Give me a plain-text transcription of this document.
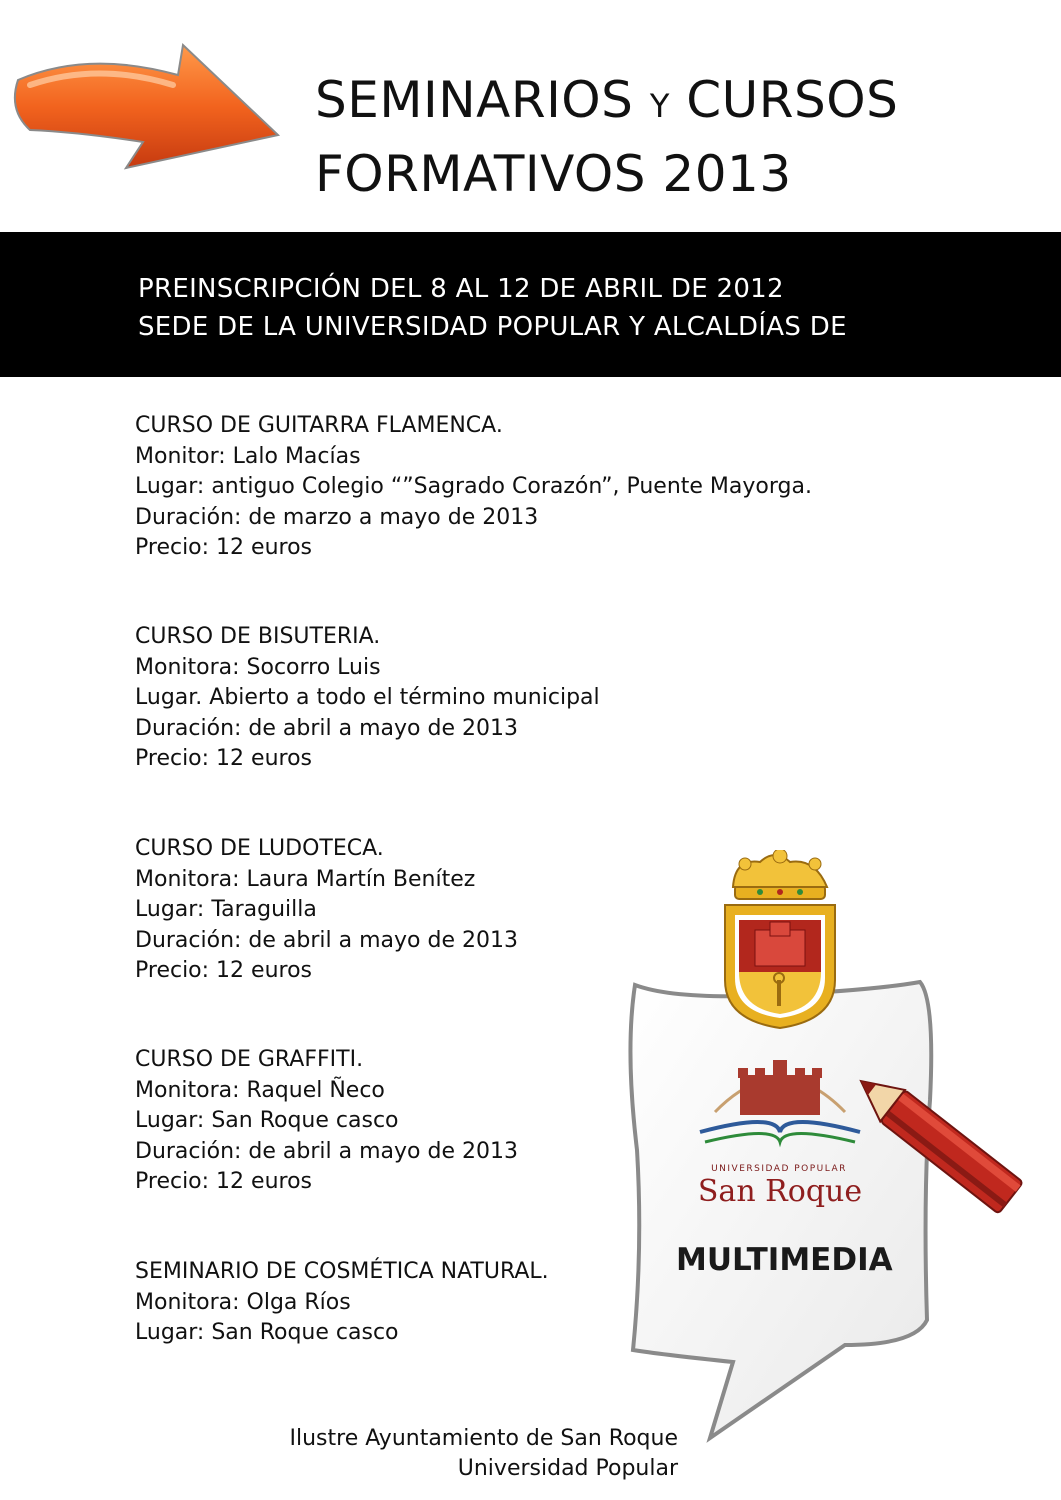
SEMINARIOS Y CURSOS
FORMATIVOS 2013
PREINSCRIPCIÓN DEL 8 AL 12 DE ABRIL DE 2012
SEDE DE LA UNIVERSIDAD POPULAR Y ALCALDÍAS DE
CURSO DE GUITARRA FLAMENCA.
Monitor: Lalo Macías
Lugar: antiguo Colegio “”Sagrado Corazón”, Puente Mayorga.
Duración: de marzo a mayo de 2013
Precio: 12 euros
CURSO DE BISUTERIA.
Monitora: Socorro Luis
Lugar. Abierto a todo el término municipal
Duración: de abril a mayo de 2013
Precio: 12 euros
CURSO DE LUDOTECA.
Monitora: Laura Martín Benítez
Lugar: Taraguilla
Duración: de abril a mayo de 2013
Precio: 12 euros
CURSO DE GRAFFITI.
Monitora: Raquel Ñeco
Lugar: San Roque casco
Duración: de abril a mayo de 2013
Precio: 12 euros
SEMINARIO DE COSMÉTICA NATURAL.
Monitora: Olga Ríos
Lugar: San Roque casco
UNIVERSIDAD POPULAR
San Roque
MULTIMEDIA
Ilustre Ayuntamiento de San Roque
Universidad Popular
